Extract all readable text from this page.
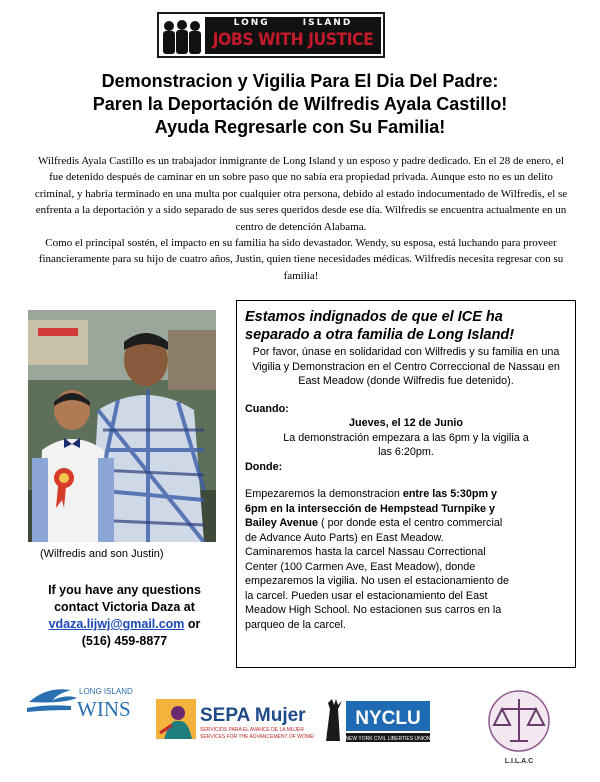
LONG	ISLAND
JOBS WITH JUSTICE
Demonstracion y Vigilia Para El Dia Del Padre:
Paren la Deportación de Wilfredis Ayala Castillo!
Ayuda Regresarle con Su Familia!

Wilfredis Ayala Castillo es un trabajador inmigrante de Long Island y un esposo y padre dedicado. En el 28 de enero, el fue detenido después de caminar en un sobre paso que no sabía era propiedad privada. Aunque esto no es un delito criminal, y habría terminado en una multa por cualquier otra persona, debido al estado indocumentado de Wilfredis, el se enfrenta a la deportación y a sido separado de sus seres queridos desde ese día. Wilfredis se encuentra actualmente en un centro de detención Alabama.

Como el principal sostén, el impacto en su familia ha sido devastador. Wendy, su esposa, está luchando para proveer financieramente para su hijo de cuatro años, Justin, quien tiene necesidades médicas. Wilfredis necesita regresar con su familia!

(Wilfredis and son Justin)
If you have any questions
contact Victoria Daza at
vdaza.lijwj@gmail.com or
(516) 459-8877
Estamos indignados de que el ICE ha separado a otra familia de Long Island!
Por favor, únase en solidaridad con Wilfredis y su familia en una Vigilia y Demonstracion en el Centro Correccional de Nassau en East Meadow (donde Wilfredis fue detenido).
Cuando:
Jueves, el 12 de Junio
La demonstración empezara a las 6pm y la vigilia a las 6:20pm.
Donde:
Empezaremos la demonstracion entre las 5:30pm y 6pm en la intersección de Hempstead Turnpike y Bailey Avenue ( por donde esta el centro commercial de Advance Auto Parts) en East Meadow. Caminaremos hasta la carcel Nassau Correctional Center (100 Carmen Ave, East Meadow), donde empezaremos la vigilia. No usen el estacionamiento de la carcel. Pueden usar el estacionamiento del East Meadow High School. No estacionen sus carros en la parqueo de la carcel.
LONG ISLAND
WINS	SEPA Mujer
SERVICIOS PARA EL AVANCE DE LA MUJER
SERVICES FOR THE ADVANCEMENT OF WOMEN
NYCLU
NEW YORK CIVIL LIBERTIES UNION
L.I.L.A.C
